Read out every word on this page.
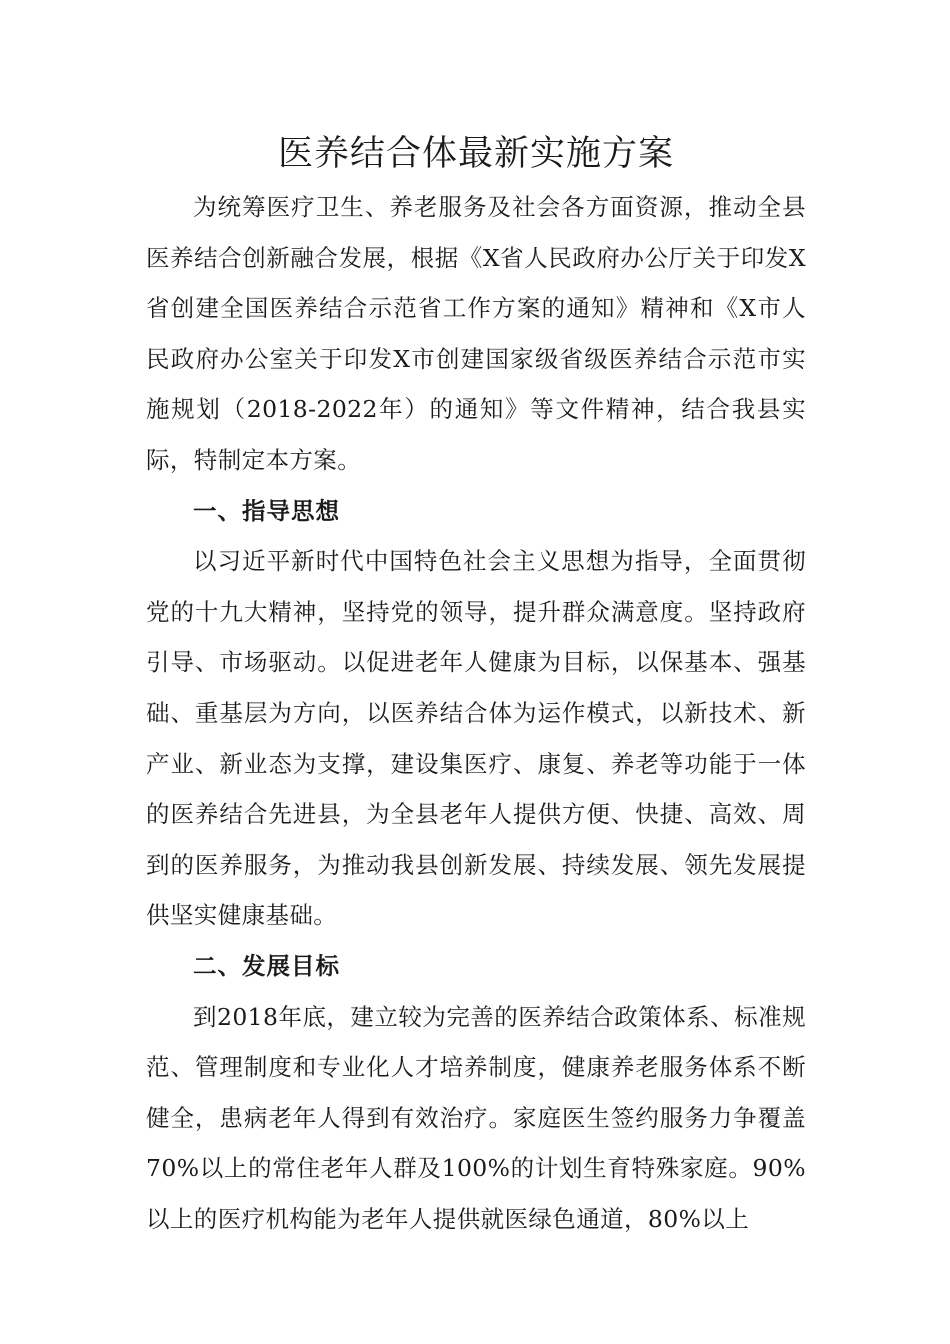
医养结合体最新实施方案

为统筹医疗卫生、养老服务及社会各方面资源，推动全县医养结合创新融合发展，根据《X省人民政府办公厅关于印发X省创建全国医养结合示范省工作方案的通知》精神和《X市人民政府办公室关于印发X市创建国家级省级医养结合示范市实施规划（2018-2022年）的通知》等文件精神，结合我县实际，特制定本方案。

一、指导思想

以习近平新时代中国特色社会主义思想为指导，全面贯彻党的十九大精神，坚持党的领导，提升群众满意度。坚持政府引导、市场驱动。以促进老年人健康为目标，以保基本、强基础、重基层为方向，以医养结合体为运作模式，以新技术、新产业、新业态为支撑，建设集医疗、康复、养老等功能于一体的医养结合先进县，为全县老年人提供方便、快捷、高效、周到的医养服务，为推动我县创新发展、持续发展、领先发展提供坚实健康基础。

二、发展目标

到2018年底，建立较为完善的医养结合政策体系、标准规范、管理制度和专业化人才培养制度，健康养老服务体系不断健全，患病老年人得到有效治疗。家庭医生签约服务力争覆盖70%以上的常住老年人群及100%的计划生育特殊家庭。90%以上的医疗机构能为老年人提供就医绿色通道，80%以上
